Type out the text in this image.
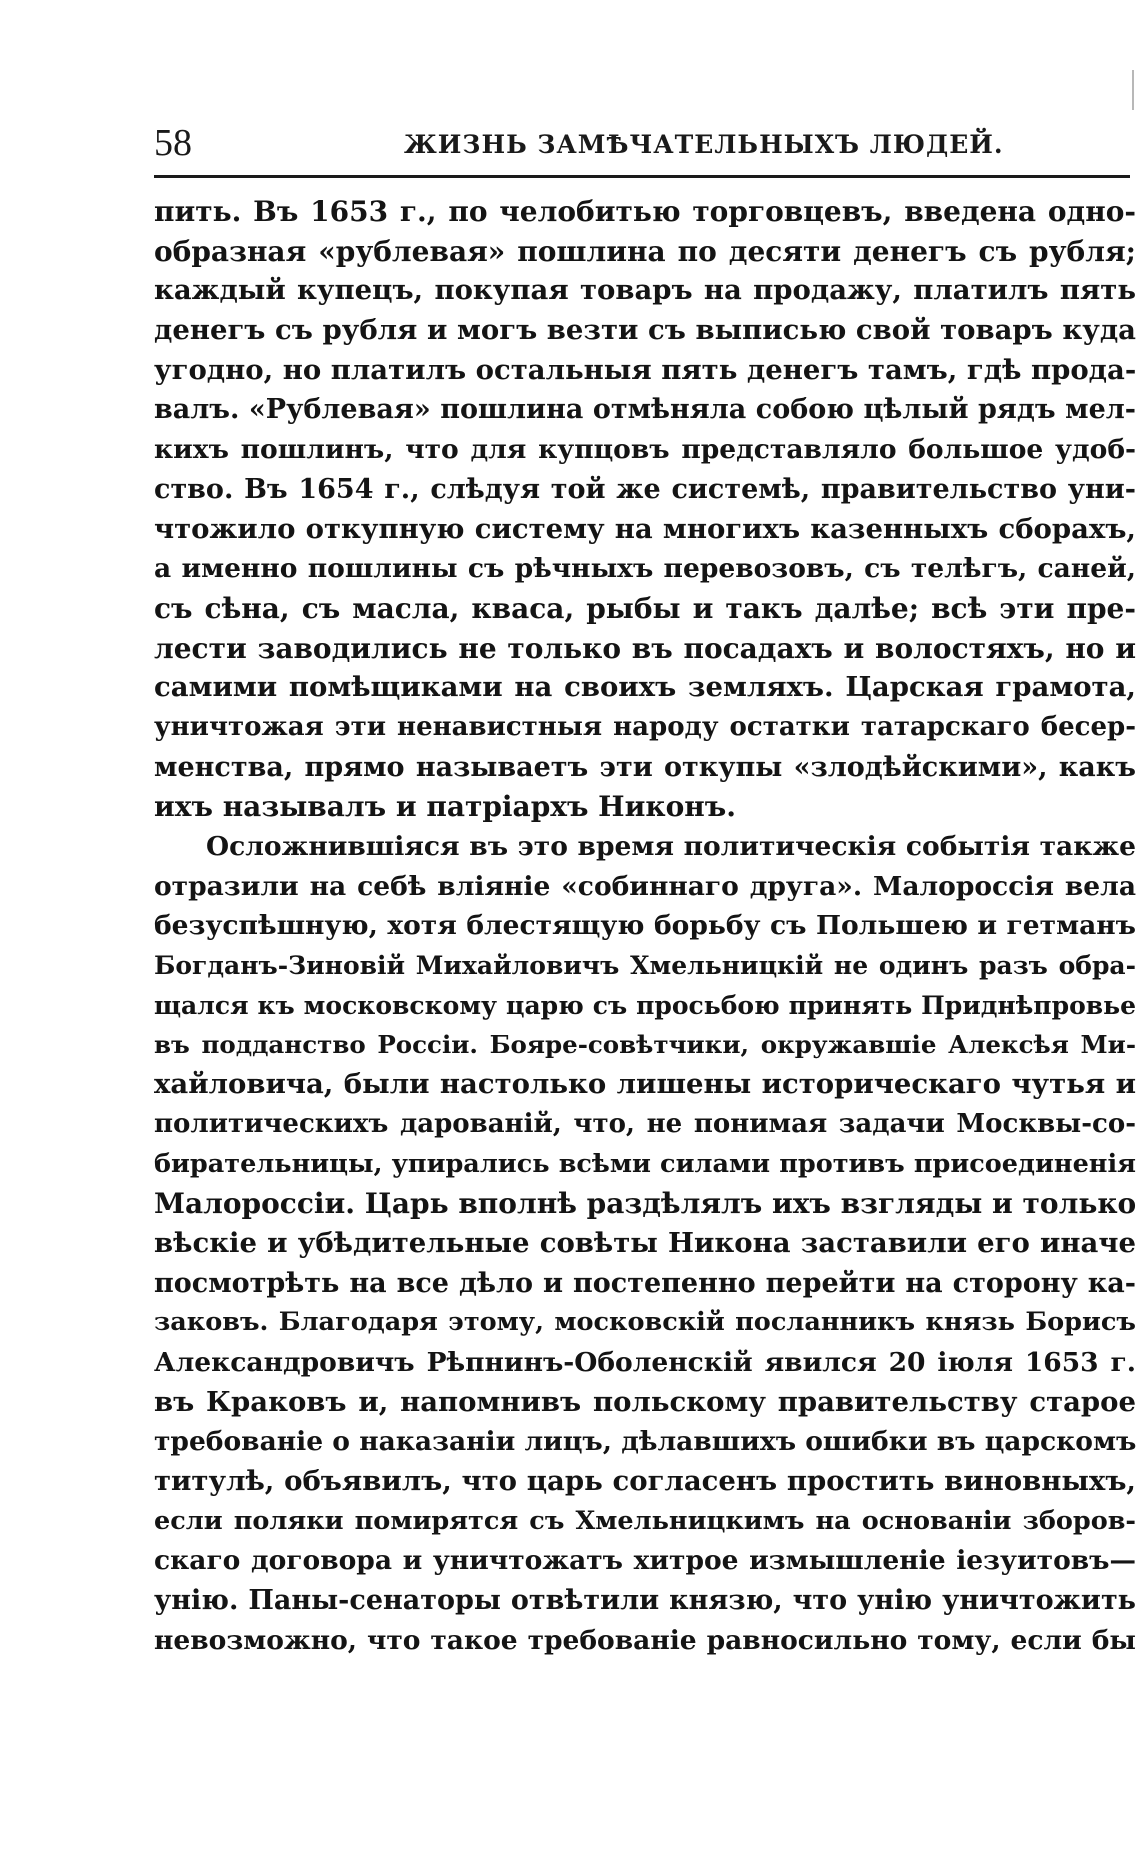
58	ЖИЗНЬ ЗАМѢЧАТЕЛЬНЫХЪ ЛЮДЕЙ.
пить. Въ 1653 г., по челобитью торговцевъ, введена одно-
образная «рублевая» пошлина по десяти денегъ съ рубля;
каждый купецъ, покупая товаръ на продажу, платилъ пять
денегъ съ рубля и могъ везти съ выписью свой товаръ куда
угодно, но платилъ остальныя пять денегъ тамъ, гдѣ прода-
валъ. «Рублевая» пошлина отмѣняла собою цѣлый рядъ мел-
кихъ пошлинъ, что для купцовъ представляло большое удоб-
ство. Въ 1654 г., слѣдуя той же системѣ, правительство уни-
чтожило откупную систему на многихъ казенныхъ сборахъ,
а именно пошлины съ рѣчныхъ перевозовъ, съ телѣгъ, саней,
съ сѣна, съ масла, кваса, рыбы и такъ далѣе; всѣ эти пре-
лести заводились не только въ посадахъ и волостяхъ, но и
самими помѣщиками на своихъ земляхъ. Царская грамота,
уничтожая эти ненавистныя народу остатки татарскаго бесер-
менства, прямо называетъ эти откупы «злодѣйскими», какъ
ихъ называлъ и патріархъ Никонъ.
Осложнившіяся въ это время политическія событія также
отразили на себѣ вліяніе «собиннаго друга». Малороссія вела
безуспѣшную, хотя блестящую борьбу съ Польшею и гетманъ
Богданъ-Зиновій Михайловичъ Хмельницкій не одинъ разъ обра-
щался къ московскому царю съ просьбою принять Приднѣпровье
въ подданство Россіи. Бояре-совѣтчики, окружавшіе Алексѣя Ми-
хайловича, были настолько лишены историческаго чутья и
политическихъ дарованій, что, не понимая задачи Москвы-со-
бирательницы, упирались всѣми силами противъ присоединенія
Малороссіи. Царь вполнѣ раздѣлялъ ихъ взгляды и только
вѣскіе и убѣдительные совѣты Никона заставили его иначе
посмотрѣть на все дѣло и постепенно перейти на сторону ка-
заковъ. Благодаря этому, московскій посланникъ князь Борисъ
Александровичъ Рѣпнинъ-Оболенскій явился 20 іюля 1653 г.
въ Краковъ и, напомнивъ польскому правительству старое
требованіе о наказаніи лицъ, дѣлавшихъ ошибки въ царскомъ
титулѣ, объявилъ, что царь согласенъ простить виновныхъ,
если поляки помирятся съ Хмельницкимъ на основаніи зборов-
скаго договора и уничтожатъ хитрое измышленіе іезуитовъ—
унію. Паны-сенаторы отвѣтили князю, что унію уничтожить
невозможно, что такое требованіе равносильно тому, если бы
